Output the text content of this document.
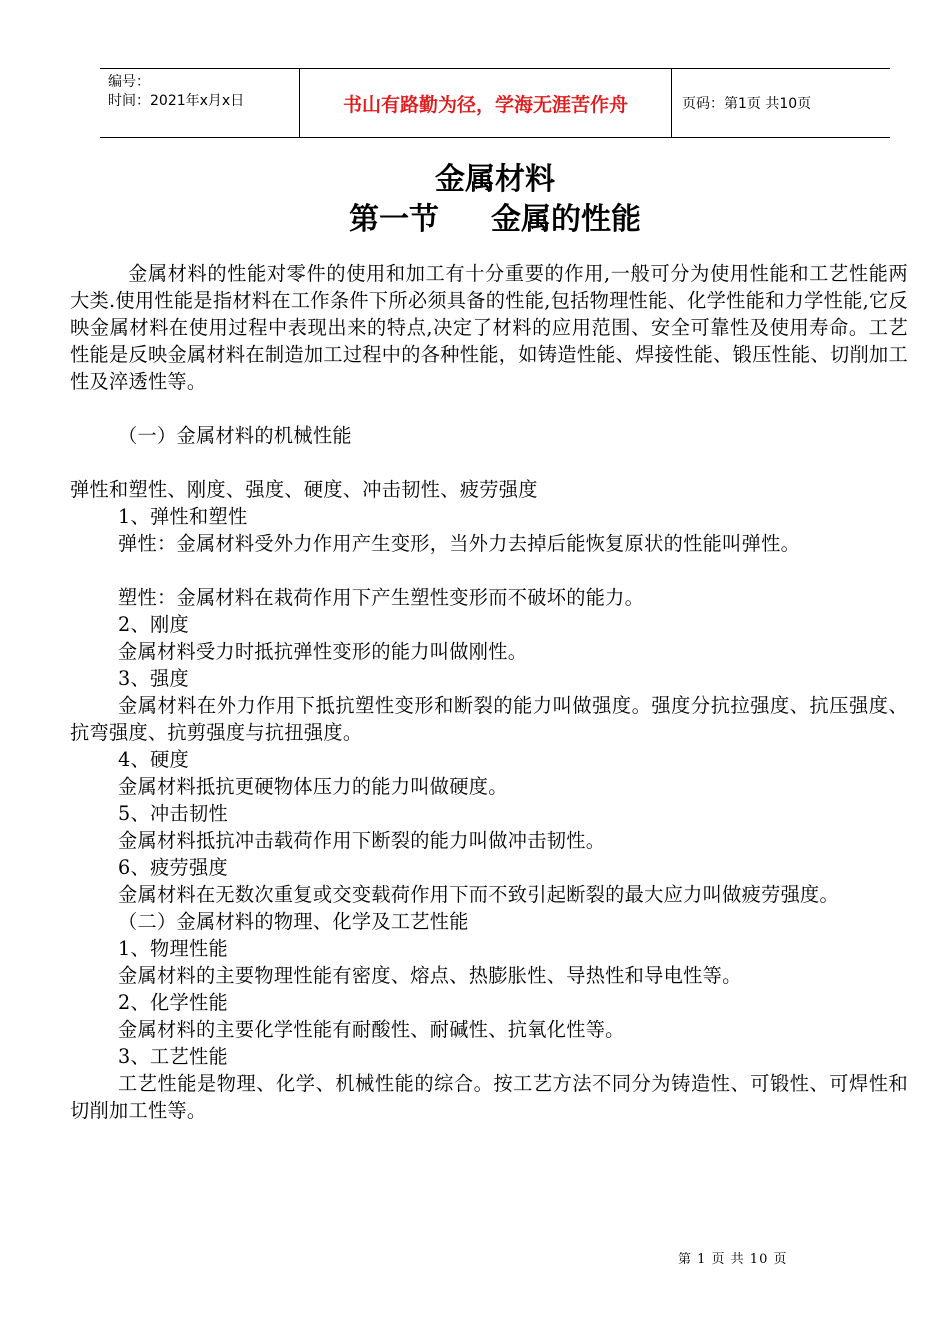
编号：
时间：2021年x月x日	书山有路勤为径，学海无涯苦作舟	页码：第1页 共10页
金属材料
第一节 金属的性能

金属材料的性能对零件的使用和加工有十分重要的作用,一般可分为使用性能和工艺性能两大类.使用性能是指材料在工作条件下所必须具备的性能,包括物理性能、化学性能和力学性能,它反映金属材料在使用过程中表现出来的特点,决定了材料的应用范围、安全可靠性及使用寿命。工艺性能是反映金属材料在制造加工过程中的各种性能，如铸造性能、焊接性能、锻压性能、切削加工性及淬透性等。

（一）金属材料的机械性能

弹性和塑性、刚度、强度、硬度、冲击韧性、疲劳强度

1、弹性和塑性

弹性：金属材料受外力作用产生变形，当外力去掉后能恢复原状的性能叫弹性。

塑性：金属材料在栽荷作用下产生塑性变形而不破坏的能力。

2、刚度

金属材料受力时抵抗弹性变形的能力叫做刚性。

3、强度

金属材料在外力作用下抵抗塑性变形和断裂的能力叫做强度。强度分抗拉强度、抗压强度、抗弯强度、抗剪强度与抗扭强度。

4、硬度

金属材料抵抗更硬物体压力的能力叫做硬度。

5、冲击韧性

金属材料抵抗冲击载荷作用下断裂的能力叫做冲击韧性。

6、疲劳强度

金属材料在无数次重复或交变载荷作用下而不致引起断裂的最大应力叫做疲劳强度。

（二）金属材料的物理、化学及工艺性能

1、物理性能

金属材料的主要物理性能有密度、熔点、热膨胀性、导热性和导电性等。

2、化学性能

金属材料的主要化学性能有耐酸性、耐碱性、抗氧化性等。

3、工艺性能

工艺性能是物理、化学、机械性能的综合。按工艺方法不同分为铸造性、可锻性、可焊性和切削加工性等。

第 1 页 共 10 页
